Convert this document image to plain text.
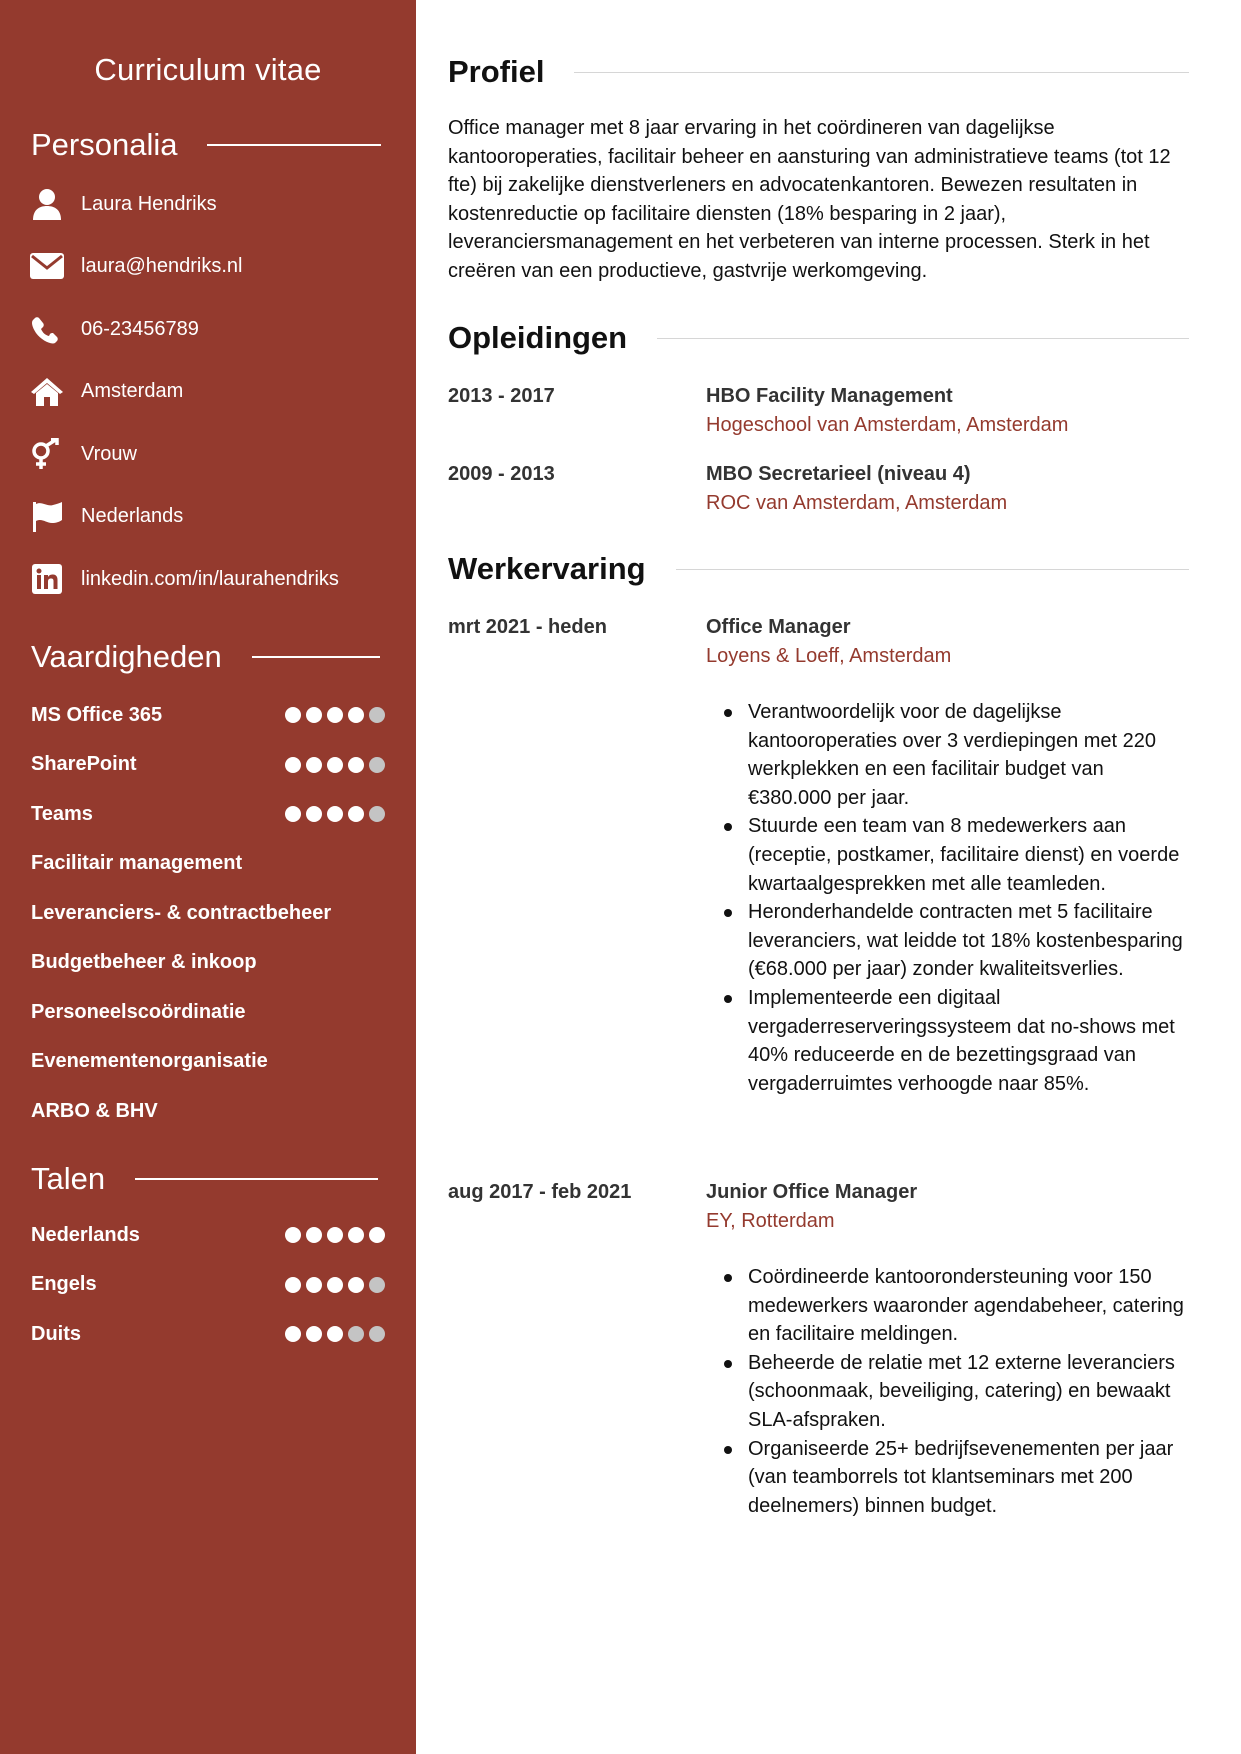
Curriculum vitae
Personalia
Laura Hendriks
laura@hendriks.nl
06-23456789
Amsterdam
Vrouw
Nederlands
linkedin.com/in/laurahendriks
Vaardigheden
MS Office 365
SharePoint
Teams
Facilitair management
Leveranciers- & contractbeheer
Budgetbeheer & inkoop
Personeelscoördinatie
Evenementenorganisatie
ARBO & BHV
Talen
Nederlands
Engels
Duits
Profiel

Office manager met 8 jaar ervaring in het coördineren van dagelijkse kantooroperaties, facilitair beheer en aansturing van administratieve teams (tot 12 fte) bij zakelijke dienstverleners en advocatenkantoren. Bewezen resultaten in kostenreductie op facilitaire diensten (18% besparing in 2 jaar), leveranciersmanagement en het verbeteren van interne processen. Sterk in het creëren van een productieve, gastvrije werkomgeving.

Opleidingen
2013 - 2017	HBO Facility Management
Hogeschool van Amsterdam, Amsterdam
2009 - 2013	MBO Secretarieel (niveau 4)
ROC van Amsterdam, Amsterdam
Werkervaring
mrt 2021 - heden	Office Manager
Loyens & Loeff, Amsterdam
Verantwoordelijk voor de dagelijkse kantooroperaties over 3 verdiepingen met 220 werkplekken en een facilitair budget van €380.000 per jaar.
Stuurde een team van 8 medewerkers aan (receptie, postkamer, facilitaire dienst) en voerde kwartaalgesprekken met alle teamleden.
Heronderhandelde contracten met 5 facilitaire leveranciers, wat leidde tot 18% kostenbesparing (€68.000 per jaar) zonder kwaliteitsverlies.
Implementeerde een digitaal vergaderreserveringssysteem dat no-shows met 40% reduceerde en de bezettingsgraad van vergaderruimtes verhoogde naar 85%.
aug 2017 - feb 2021	Junior Office Manager
EY, Rotterdam
Coördineerde kantoorondersteuning voor 150 medewerkers waaronder agendabeheer, catering en facilitaire meldingen.
Beheerde de relatie met 12 externe leveranciers (schoonmaak, beveiliging, catering) en bewaakt SLA-afspraken.
Organiseerde 25+ bedrijfsevenementen per jaar (van teamborrels tot klantseminars met 200 deelnemers) binnen budget.
